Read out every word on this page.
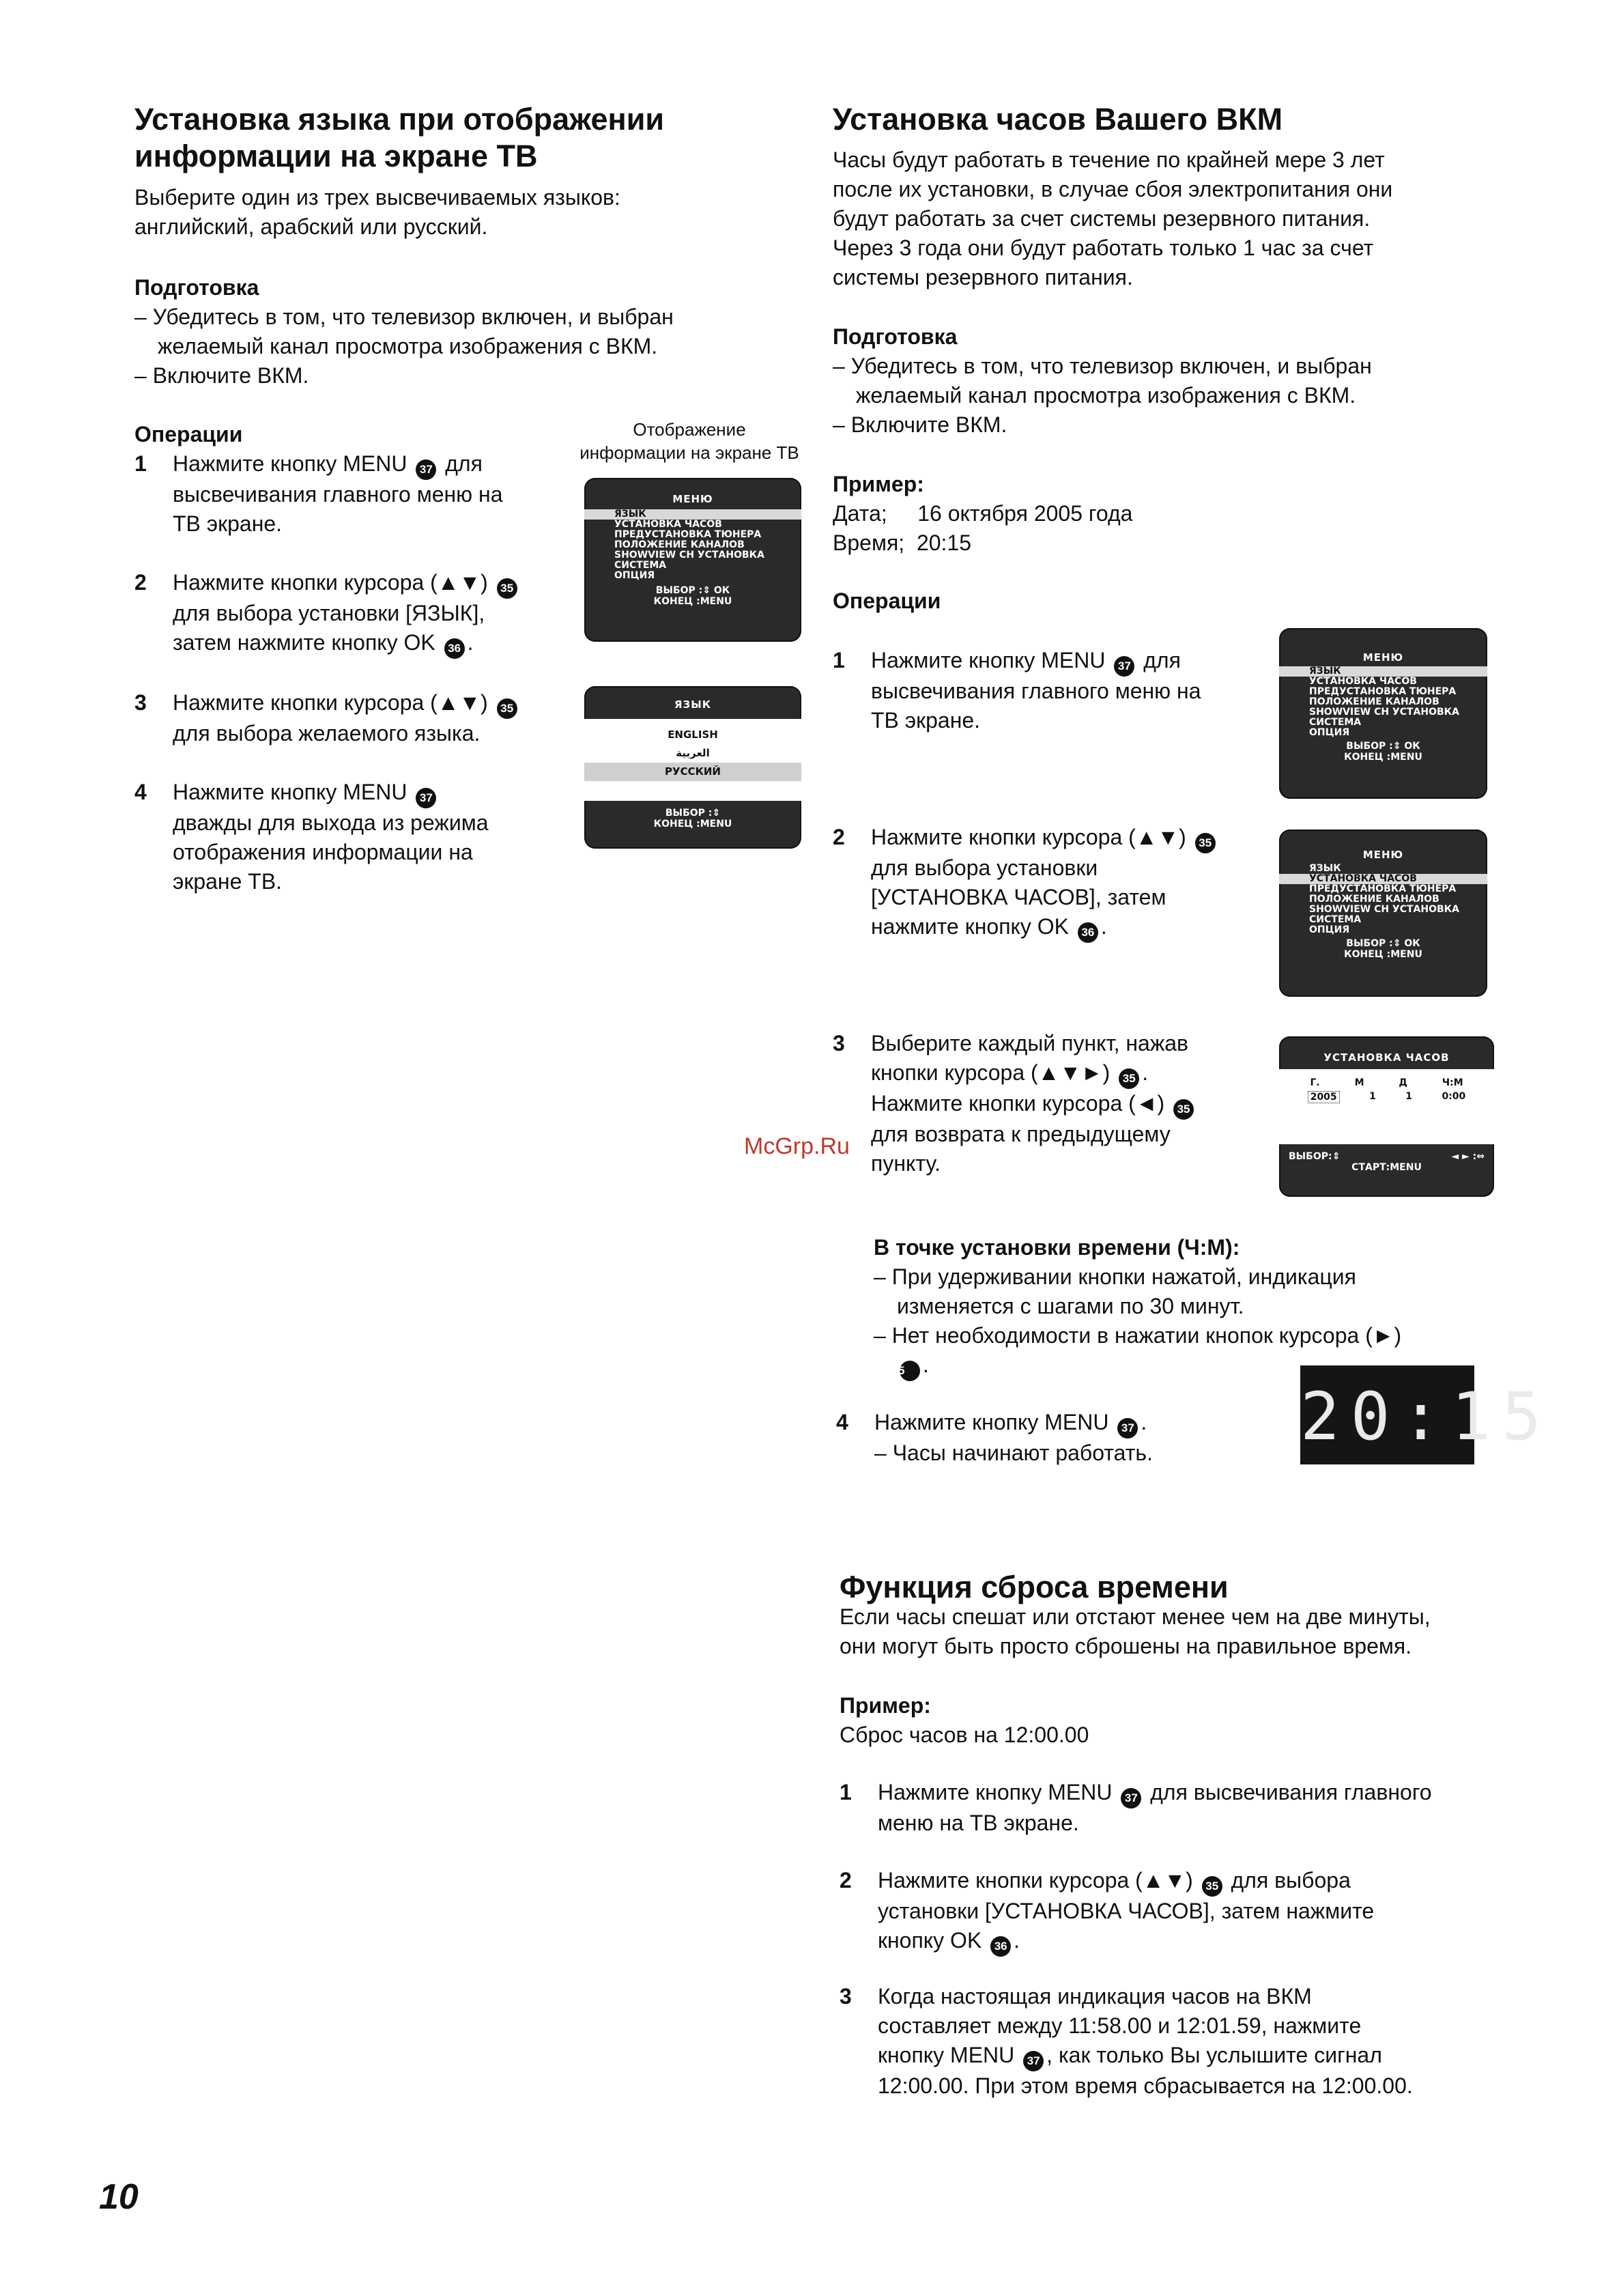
Установка языка при отображении
информации на экране ТВ
Выберите один из трех высвечиваемых языков:
английский, арабский или русский.
Подготовка
– Убедитесь в том, что телевизор включен, и выбран
желаемый канал просмотра изображения с ВКМ.
– Включите ВКМ.
Операции	Отображение
информации на экране ТВ
1	Нажмите кнопку MENU 37 для
высвечивания главного меню на
ТВ экране.
2	Нажмите кнопки курсора (▲▼) 35
для выбора установки [ЯЗЫК],
затем нажмите кнопку OK 36 .
3	Нажмите кнопки курсора (▲▼) 35
для выбора желаемого языка.
4	Нажмите кнопку MENU 37
дважды для выхода из режима
отображения информации на
экране ТВ.
МЕНЮ
ЯЗЫК
УСТАНОВКА ЧАСОВ
ПРЕДУСТАНОВКА ТЮНЕРА
ПОЛОЖЕНИЕ КАНАЛОВ
SHOWVIEW CH УСТАНОВКА
СИСТЕМА
ОПЦИЯ
ВЫБОР :⇕ ОК
КОНЕЦ :MENU
ЯЗЫК
ENGLISH
العربية
РУССКИЙ
ВЫБОР :⇕
КОНЕЦ :MENU
Установка часов Вашего ВКМ
Часы будут работать в течение по крайней мере 3 лет
после их установки, в случае сбоя электропитания они
будут работать за счет системы резервного питания.
Через 3 года они будут работать только 1 час за счет
системы резервного питания.
Подготовка
– Убедитесь в том, что телевизор включен, и выбран
желаемый канал просмотра изображения с ВКМ.
– Включите ВКМ.
Пример:
Дата;     16 октября 2005 года
Время;  20:15
Операции
1	Нажмите кнопку MENU 37 для
высвечивания главного меню на
ТВ экране.
2	Нажмите кнопки курсора (▲▼) 35
для выбора установки
[УСТАНОВКА ЧАСОВ], затем
нажмите кнопку OK 36 .
3	Выберите каждый пункт, нажав
кнопки курсора (▲▼►) 35 .
Нажмите кнопки курсора (◄) 35
для возврата к предыдущему
пункту.
McGrp.Ru
В точке установки времени (Ч:М):
– При удерживании кнопки нажатой, индикация
изменяется с шагами по 30 минут.
– Нет необходимости в нажатии кнопок курсора (►)
35 .
4	Нажмите кнопку MENU 37 .
– Часы начинают работать.
МЕНЮ
ЯЗЫК
УСТАНОВКА ЧАСОВ
ПРЕДУСТАНОВКА ТЮНЕРА
ПОЛОЖЕНИЕ КАНАЛОВ
SHOWVIEW CH УСТАНОВКА
СИСТЕМА
ОПЦИЯ
ВЫБОР :⇕ ОК
КОНЕЦ :MENU
МЕНЮ
ЯЗЫК
УСТАНОВКА ЧАСОВ
ПРЕДУСТАНОВКА ТЮНЕРА
ПОЛОЖЕНИЕ КАНАЛОВ
SHOWVIEW CH УСТАНОВКА
СИСТЕМА
ОПЦИЯ
ВЫБОР :⇕ ОК
КОНЕЦ :MENU
УСТАНОВКА ЧАСОВ
Г.	М	Д	Ч:М
2005	1	1	0:00
ВЫБОР:⇕	◄ ► :⇔
СТАРТ:MENU
20:15
Функция сброса времени
Если часы спешат или отстают менее чем на две минуты,
они могут быть просто сброшены на правильное время.
Пример:
Сброс часов на 12:00.00
1	Нажмите кнопку MENU 37 для высвечивания главного
меню на ТВ экране.
2	Нажмите кнопки курсора (▲▼) 35 для выбора
установки [УСТАНОВКА ЧАСОВ], затем нажмите
кнопку OK 36 .
3	Когда настоящая индикация часов на ВКМ
составляет между 11:58.00 и 12:01.59, нажмите
кнопку MENU 37 , как только Вы услышите сигнал
12:00.00. При этом время сбрасывается на 12:00.00.
10
